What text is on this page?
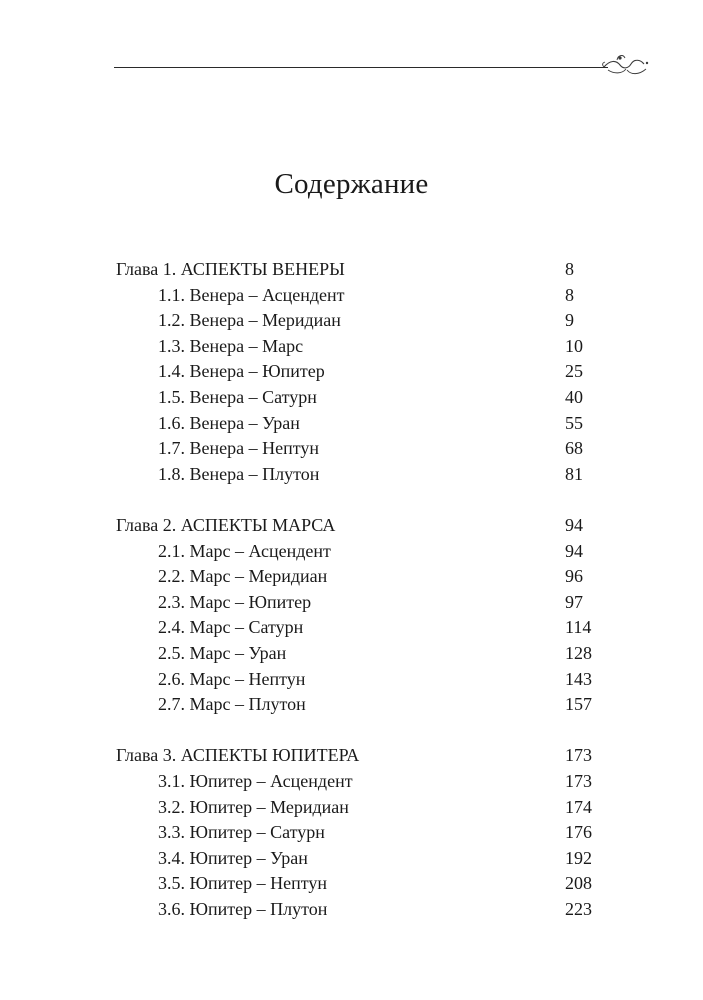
Содержание
Глава 1. АСПЕКТЫ ВЕНЕРЫ	8
1.1. Венера – Асцендент	8
1.2. Венера – Меридиан	9
1.3. Венера – Марс	10
1.4. Венера – Юпитер	25
1.5. Венера – Сатурн	40
1.6. Венера – Уран	55
1.7. Венера – Нептун	68
1.8. Венера – Плутон	81
Глава 2. АСПЕКТЫ МАРСА	94
2.1. Марс – Асцендент	94
2.2. Марс – Меридиан	96
2.3. Марс – Юпитер	97
2.4. Марс – Сатурн	114
2.5. Марс – Уран	128
2.6. Марс – Нептун	143
2.7. Марс – Плутон	157
Глава 3. АСПЕКТЫ ЮПИТЕРА	173
3.1. Юпитер – Асцендент	173
3.2. Юпитер – Меридиан	174
3.3. Юпитер – Сатурн	176
3.4. Юпитер – Уран	192
3.5. Юпитер – Нептун	208
3.6. Юпитер – Плутон	223
